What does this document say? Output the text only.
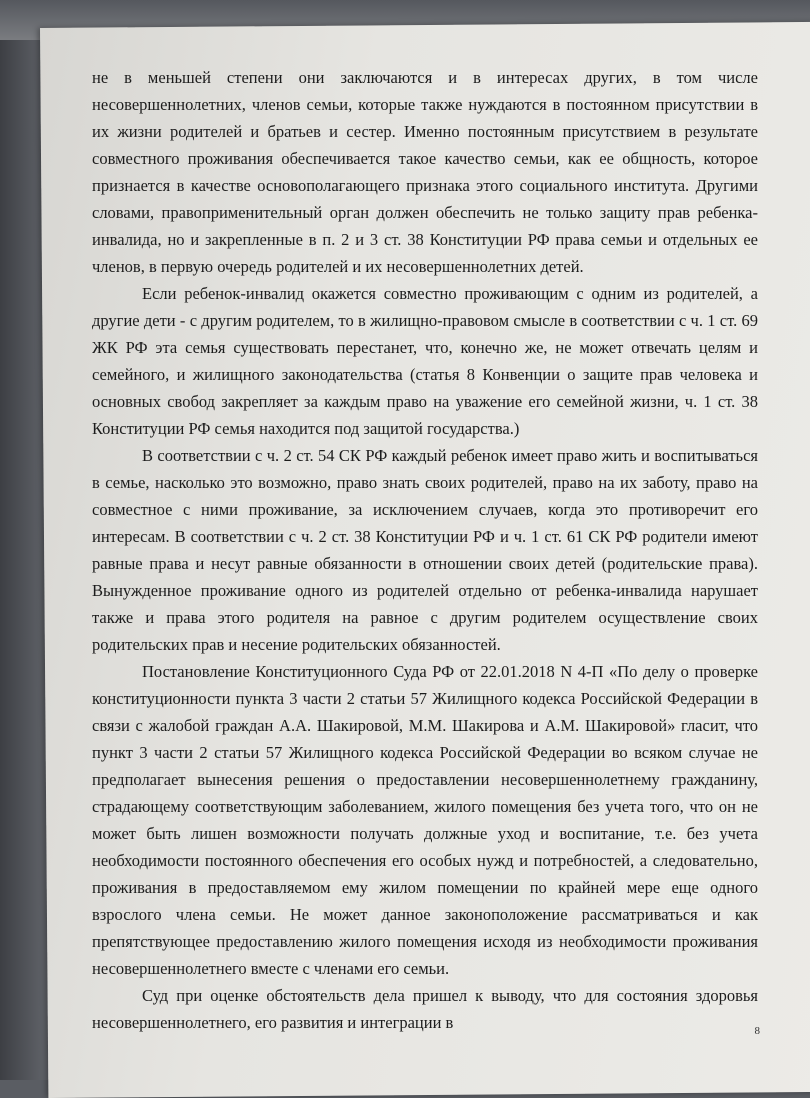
не в меньшей степени они заключаются и в интересах других, в том числе несовершеннолетних, членов семьи, которые также нуждаются в постоянном присутствии в их жизни родителей и братьев и сестер. Именно постоянным присутствием в результате совместного проживания обеспечивается такое качество семьи, как ее общность, которое признается в качестве основополагающего признака этого социального института. Другими словами, правоприменительный орган должен обеспечить не только защиту прав ребенка-инвалида, но и закрепленные в п. 2 и 3 ст. 38 Конституции РФ права семьи и отдельных ее членов, в первую очередь родителей и их несовершеннолетних детей.

Если ребенок-инвалид окажется совместно проживающим с одним из родителей, а другие дети - с другим родителем, то в жилищно-правовом смысле в соответствии с ч. 1 ст. 69 ЖК РФ эта семья существовать перестанет, что, конечно же, не может отвечать целям и семейного, и жилищного законодательства (статья 8 Конвенции о защите прав человека и основных свобод закрепляет за каждым право на уважение его семейной жизни, ч. 1 ст. 38 Конституции РФ семья находится под защитой государства.)

В соответствии с ч. 2 ст. 54 СК РФ каждый ребенок имеет право жить и воспитываться в семье, насколько это возможно, право знать своих родителей, право на их заботу, право на совместное с ними проживание, за исключением случаев, когда это противоречит его интересам. В соответствии с ч. 2 ст. 38 Конституции РФ и ч. 1 ст. 61 СК РФ родители имеют равные права и несут равные обязанности в отношении своих детей (родительские права). Вынужденное проживание одного из родителей отдельно от ребенка-инвалида нарушает также и права этого родителя на равное с другим родителем осуществление своих родительских прав и несение родительских обязанностей.

Постановление Конституционного Суда РФ от 22.01.2018 N 4-П «По делу о проверке конституционности пункта 3 части 2 статьи 57 Жилищного кодекса Российской Федерации в связи с жалобой граждан А.А. Шакировой, М.М. Шакирова и А.М. Шакировой» гласит, что пункт 3 части 2 статьи 57 Жилищного кодекса Российской Федерации во всяком случае не предполагает вынесения решения о предоставлении несовершеннолетнему гражданину, страдающему соответствующим заболеванием, жилого помещения без учета того, что он не может быть лишен возможности получать должные уход и воспитание, т.е. без учета необходимости постоянного обеспечения его особых нужд и потребностей, а следовательно, проживания в предоставляемом ему жилом помещении по крайней мере еще одного взрослого члена семьи. Не может данное законоположение рассматриваться и как препятствующее предоставлению жилого помещения исходя из необходимости проживания несовершеннолетнего вместе с членами его семьи.

Суд при оценке обстоятельств дела пришел к выводу, что для состояния здоровья несовершеннолетнего, его развития и интеграции в	8
